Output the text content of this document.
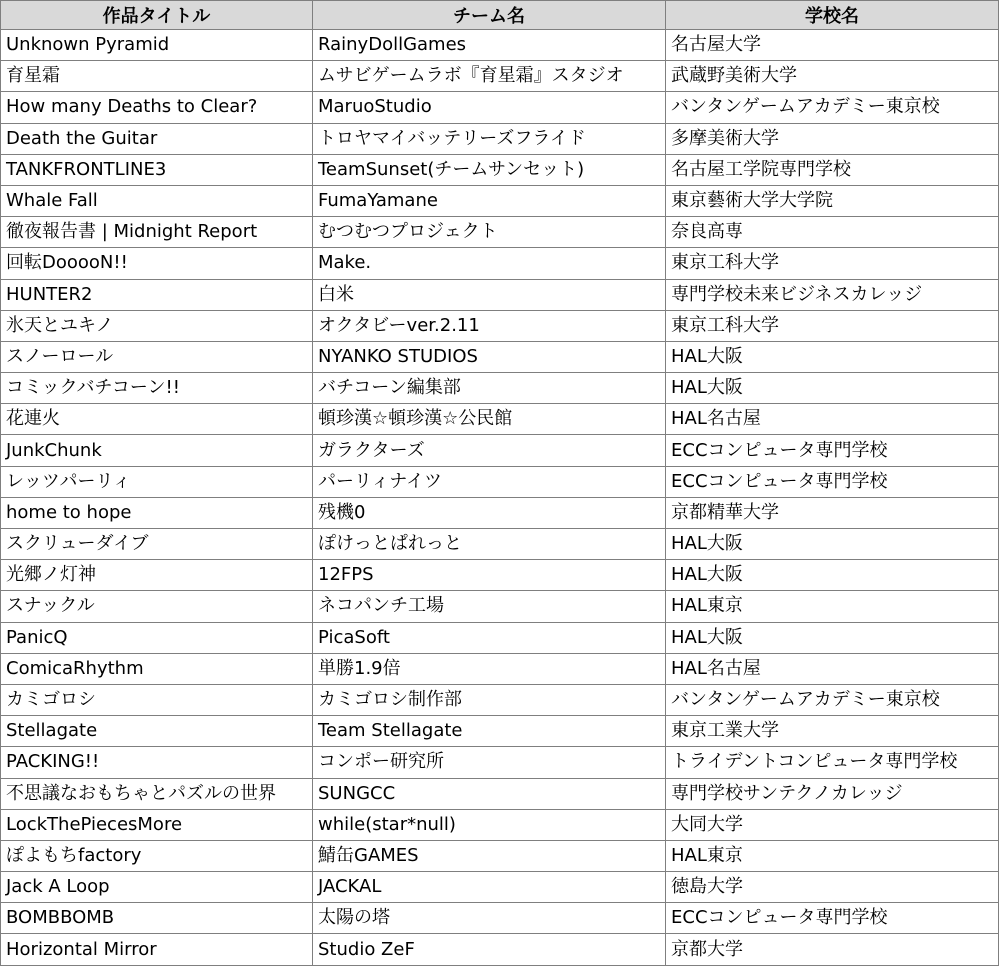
作品タイトル	チーム名	学校名
Unknown Pyramid	RainyDollGames	名古屋大学
育星霜	ムサビゲームラボ『育星霜』スタジオ	武蔵野美術大学
How many Deaths to Clear?	MaruoStudio	バンタンゲームアカデミー東京校
Death the Guitar	トロヤマイバッテリーズフライド	多摩美術大学
TANKFRONTLINE3	TeamSunset(チームサンセット)	名古屋工学院専門学校
Whale Fall	FumaYamane	東京藝術大学大学院
徹夜報告書 | Midnight Report	むつむつプロジェクト	奈良高専
回転DooooN!!	Make.	東京工科大学
HUNTER2	白米	専門学校未来ビジネスカレッジ
氷天とユキノ	オクタビーver.2.11	東京工科大学
スノーロール	NYANKO STUDIOS	HAL大阪
コミックバチコーン!!	バチコーン編集部	HAL大阪
花連火	頓珍漢☆頓珍漢☆公民館	HAL名古屋
JunkChunk	ガラクターズ	ECCコンピュータ専門学校
レッツパーリィ	パーリィナイツ	ECCコンピュータ専門学校
home to hope	残機0	京都精華大学
スクリューダイブ	ぽけっとぱれっと	HAL大阪
光郷ノ灯神	12FPS	HAL大阪
スナックル	ネコパンチ工場	HAL東京
PanicQ	PicaSoft	HAL大阪
ComicaRhythm	単勝1.9倍	HAL名古屋
カミゴロシ	カミゴロシ制作部	バンタンゲームアカデミー東京校
Stellagate	Team Stellagate	東京工業大学
PACKING!!	コンポー研究所	トライデントコンピュータ専門学校
不思議なおもちゃとパズルの世界	SUNGCC	専門学校サンテクノカレッジ
LockThePiecesMore	while(star*null)	大同大学
ぽよもちfactory	鯖缶GAMES	HAL東京
Jack A Loop	JACKAL	徳島大学
BOMBBOMB	太陽の塔	ECCコンピュータ専門学校
Horizontal Mirror	Studio ZeF	京都大学
